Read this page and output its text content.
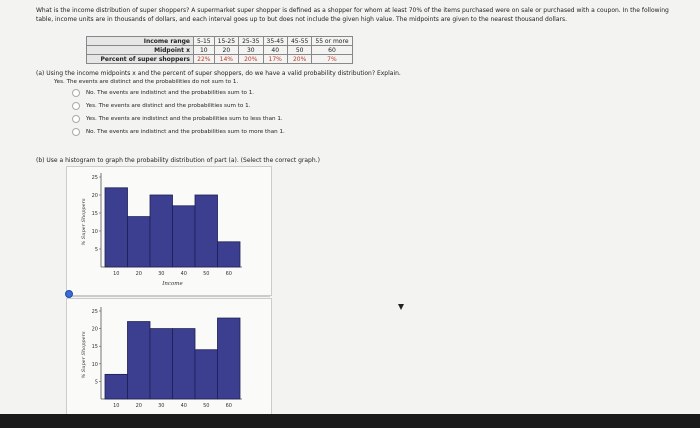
What is the income distribution of super shoppers? A supermarket super shopper is defined as a shopper for whom at least 70% of the items purchased were on sale or purchased with a coupon. In the following table, income units are in thousands of dollars, and each interval goes up to but does not include the given high value. The midpoints are given to the nearest thousand dollars.
Income range	5-15	15-25	25-35	35-45	45-55	55 or more
Midpoint x	10	20	30	40	50	60
Percent of super shoppers	22%	14%	20%	17%	20%	7%
(a) Using the income midpoints x and the percent of super shoppers, do we have a valid probability distribution? Explain.
Yes. The events are distinct and the probabilities do not sum to 1.
No. The events are indistinct and the probabilities sum to 1.
Yes. The events are distinct and the probabilities sum to 1.
Yes. The events are indistinct and the probabilities sum to less than 1.
No. The events are indistinct and the probabilities sum to more than 1.
(b) Use a histogram to graph the probability distribution of part (a). (Select the correct graph.)
5
10
15
20
25
10	20	30	40	50	60
% Super Shoppers
Income
5
10
15
20
25
10	20	30	40	50	60
% Super Shoppers
